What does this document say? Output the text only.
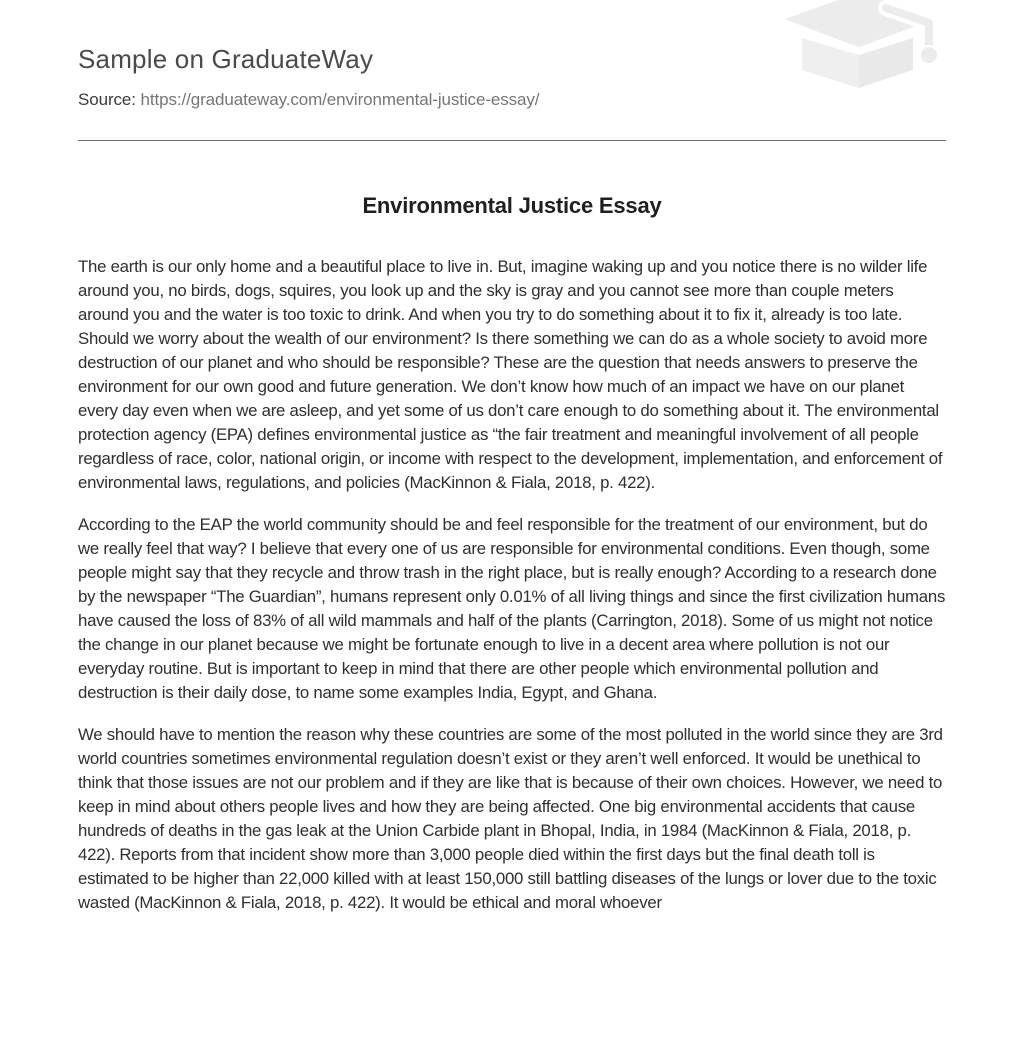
Sample on GraduateWay

Source: https://graduateway.com/environmental-justice-essay/

Environmental Justice Essay

The earth is our only home and a beautiful place to live in. But, imagine waking up and you notice there is no wilder life around you, no birds, dogs, squires, you look up and the sky is gray and you cannot see more than couple meters around you and the water is too toxic to drink. And when you try to do something about it to fix it, already is too late. Should we worry about the wealth of our environment? Is there something we can do as a whole society to avoid more destruction of our planet and who should be responsible? These are the question that needs answers to preserve the environment for our own good and future generation. We don’t know how much of an impact we have on our planet every day even when we are asleep, and yet some of us don’t care enough to do something about it. The environmental protection agency (EPA) defines environmental justice as “the fair treatment and meaningful involvement of all people regardless of race, color, national origin, or income with respect to the development, implementation, and enforcement of environmental laws, regulations, and policies (MacKinnon & Fiala, 2018, p. 422).

According to the EAP the world community should be and feel responsible for the treatment of our environment, but do we really feel that way? I believe that every one of us are responsible for environmental conditions. Even though, some people might say that they recycle and throw trash in the right place, but is really enough? According to a research done by the newspaper “The Guardian”, humans represent only 0.01% of all living things and since the first civilization humans have caused the loss of 83% of all wild mammals and half of the plants (Carrington, 2018). Some of us might not notice the change in our planet because we might be fortunate enough to live in a decent area where pollution is not our everyday routine. But is important to keep in mind that there are other people which environmental pollution and destruction is their daily dose, to name some examples India, Egypt, and Ghana.

We should have to mention the reason why these countries are some of the most polluted in the world since they are 3rd world countries sometimes environmental regulation doesn’t exist or they aren’t well enforced. It would be unethical to think that those issues are not our problem and if they are like that is because of their own choices. However, we need to keep in mind about others people lives and how they are being affected. One big environmental accidents that cause hundreds of deaths in the gas leak at the Union Carbide plant in Bhopal, India, in 1984 (MacKinnon & Fiala, 2018, p. 422). Reports from that incident show more than 3,000 people died within the first days but the final death toll is estimated to be higher than 22,000 killed with at least 150,000 still battling diseases of the lungs or lover due to the toxic wasted (MacKinnon & Fiala, 2018, p. 422). It would be ethical and moral whoever
